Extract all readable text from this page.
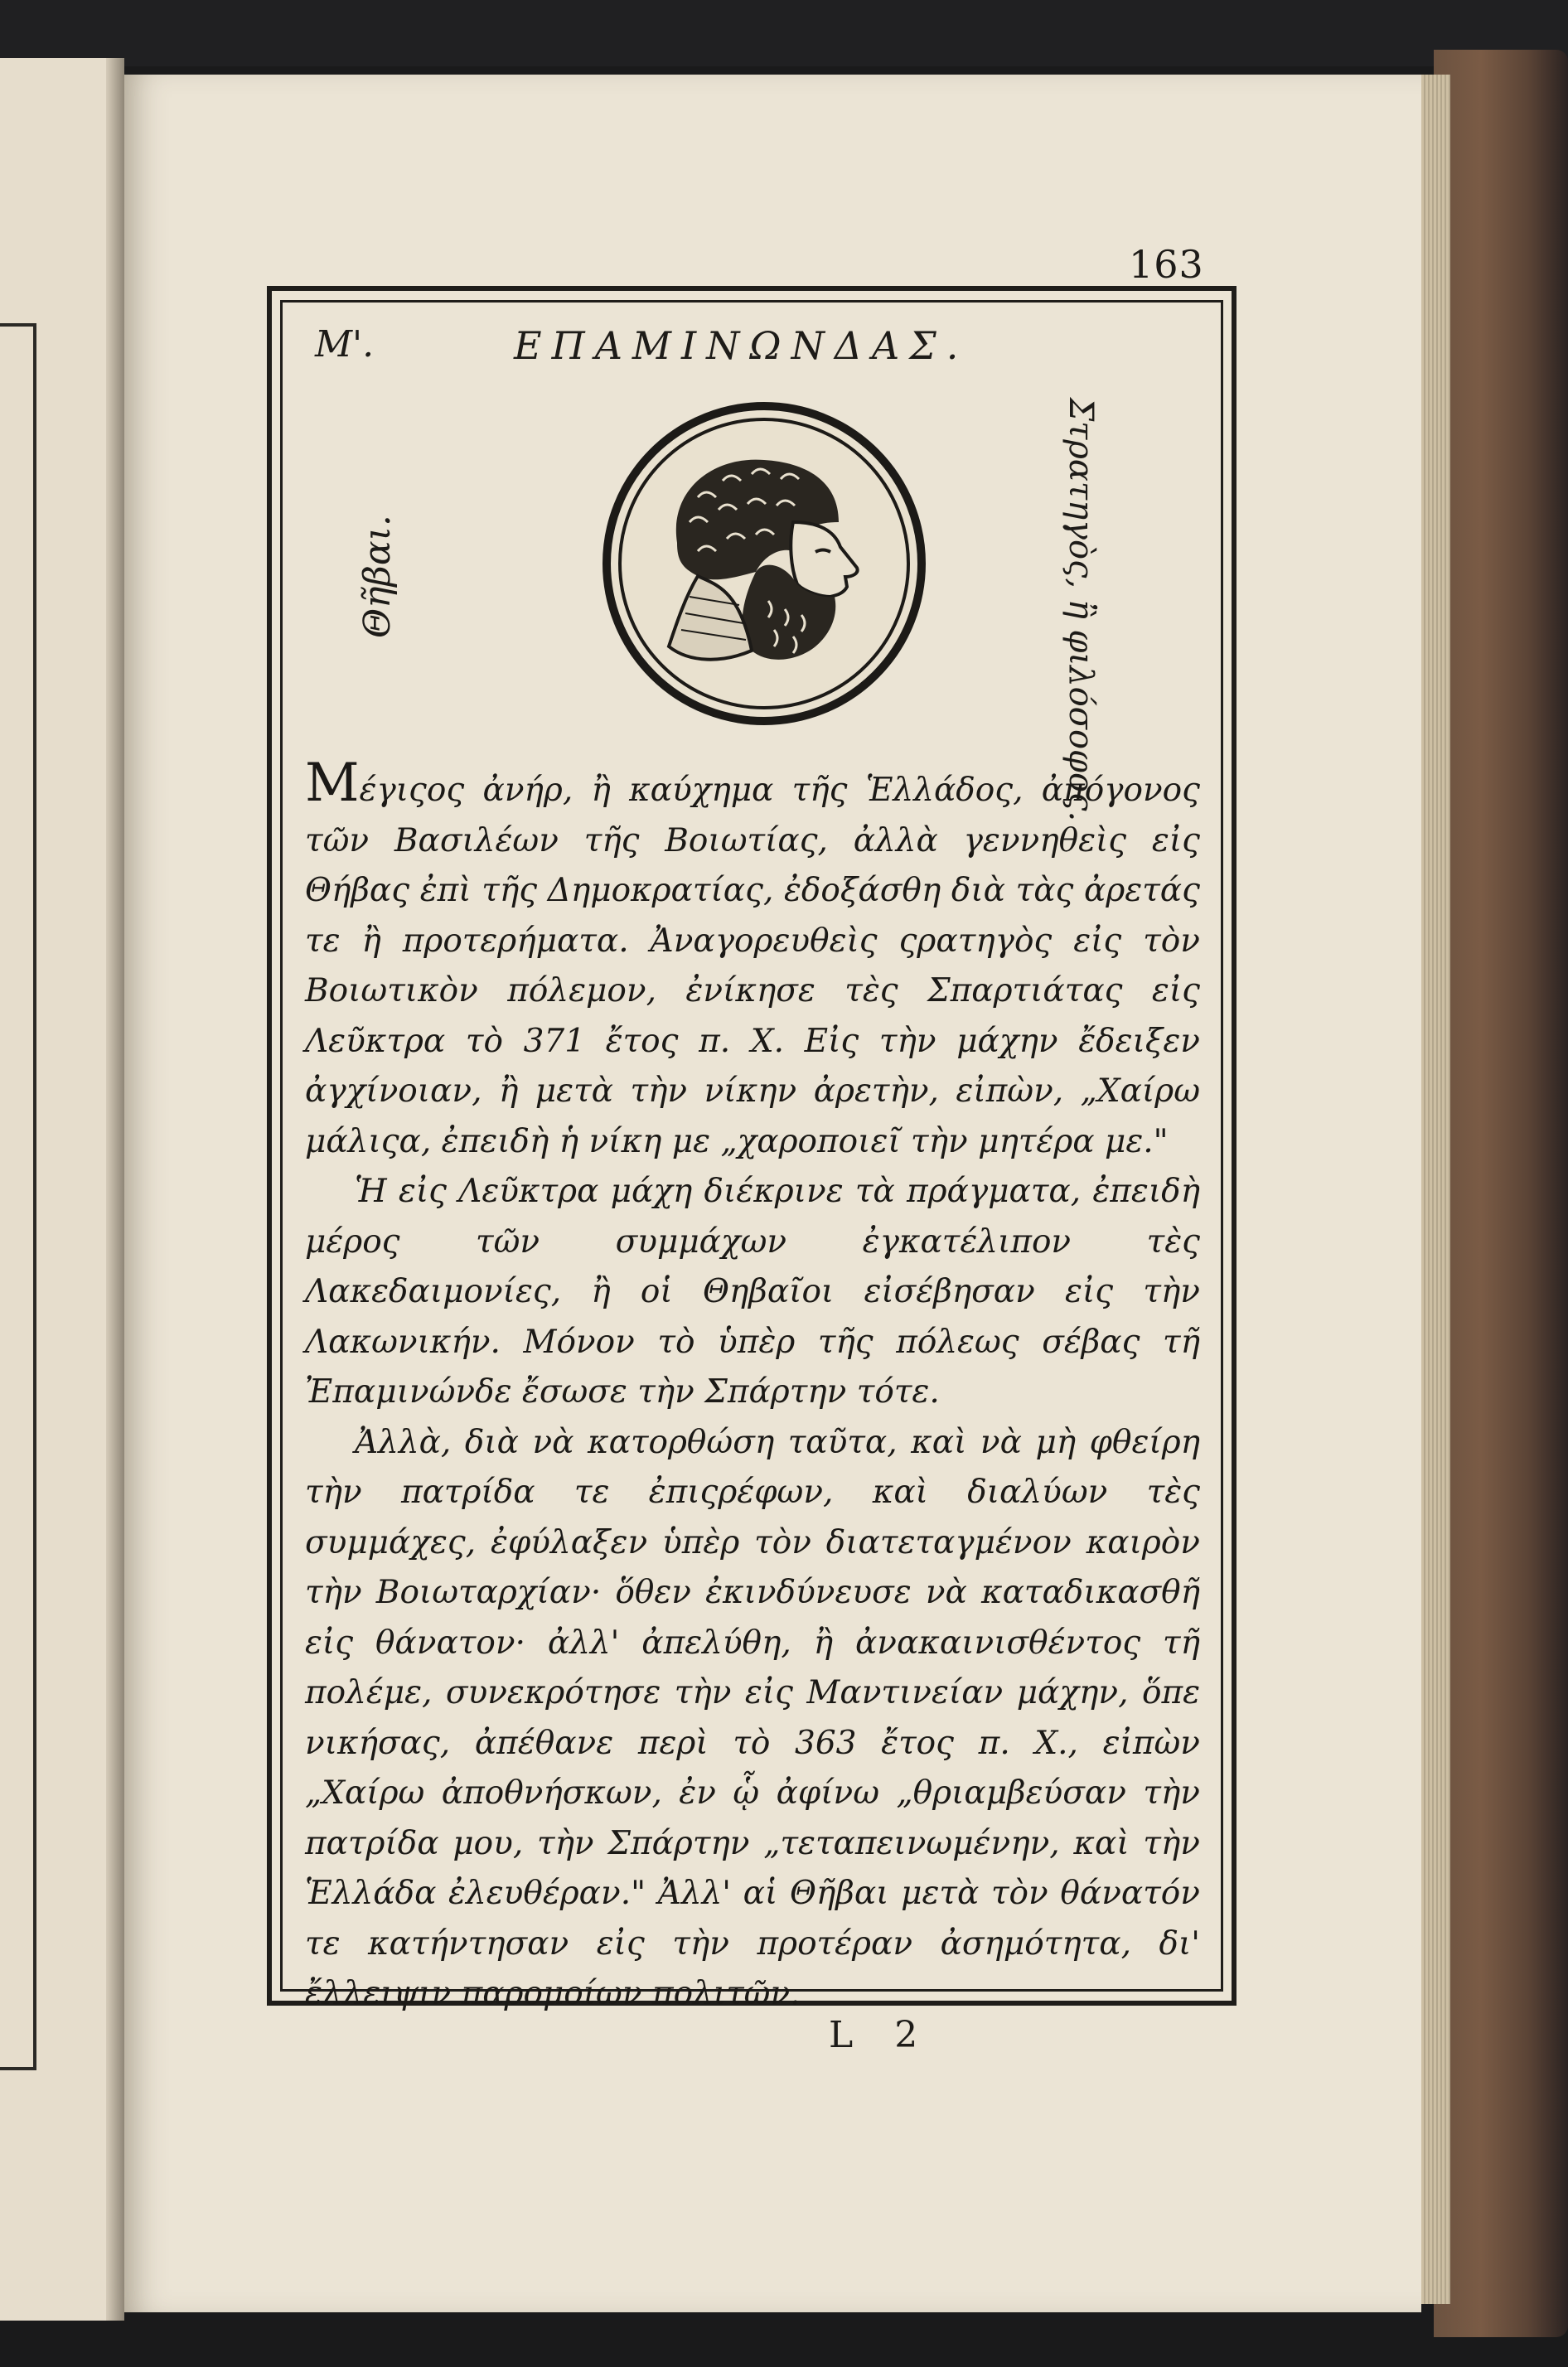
163
Μ'.	ΕΠΑΜΙΝΩΝΔΑΣ.
Θῆβαι.	Στρατηγὸς, ἢ φιλόσοφος.

Μέγιςος ἀνήρ, ἢ καύχημα τῆς Ἑλλάδος, ἀπόγονος τῶν Βασιλέων τῆς Βοιωτίας, ἀλλὰ γεννηθεὶς εἰς Θήβας ἐπὶ τῆς Δημοκρατίας, ἐδοξάσθη διὰ τὰς ἀρετάς τε ἢ προτερήματα. Ἀναγορευθεὶς ςρατηγὸς εἰς τὸν Βοιωτικὸν πόλεμον, ἐνίκησε τὲς Σπαρτιάτας εἰς Λεῦκτρα τὸ 371 ἔτος π. Χ. Εἰς τὴν μάχην ἔδειξεν ἀγχίνοιαν, ἢ μετὰ τὴν νίκην ἀρετὴν, εἰπὼν, „Χαίρω μάλιςα, ἐπειδὴ ἡ νίκη με „χαροποιεῖ τὴν μητέρα με."

Ἡ εἰς Λεῦκτρα μάχη διέκρινε τὰ πράγματα, ἐπειδὴ μέρος τῶν συμμάχων ἐγκατέλιπον τὲς Λακεδαιμονίες, ἢ οἱ Θηβαῖοι εἰσέβησαν εἰς τὴν Λακωνικήν. Μόνον τὸ ὑπὲρ τῆς πόλεως σέβας τῆ Ἐπαμινώνδε ἔσωσε τὴν Σπάρτην τότε.

Ἀλλὰ, διὰ νὰ κατορθώση ταῦτα, καὶ νὰ μὴ φθείρη τὴν πατρίδα τε ἐπιςρέφων, καὶ διαλύων τὲς συμμάχες, ἐφύλαξεν ὑπὲρ τὸν διατεταγμένον καιρὸν τὴν Βοιωταρχίαν· ὅθεν ἐκινδύνευσε νὰ καταδικασθῆ εἰς θάνατον· ἀλλ' ἀπελύθη, ἢ ἀνακαινισθέντος τῆ πολέμε, συνεκρότησε τὴν εἰς Μαντινείαν μάχην, ὅπε νικήσας, ἀπέθανε περὶ τὸ 363 ἔτος π. Χ., εἰπὼν „Χαίρω ἀποθνήσκων, ἐν ᾧ ἀφίνω „θριαμβεύσαν τὴν πατρίδα μου, τὴν Σπάρτην „τεταπεινωμένην, καὶ τὴν Ἑλλάδα ἐλευθέραν." Ἀλλ' αἱ Θῆβαι μετὰ τὸν θάνατόν τε κατήντησαν εἰς τὴν προτέραν ἀσημότητα, δι' ἔλλειψιν παρομοίων πολιτῶν.

L 2
